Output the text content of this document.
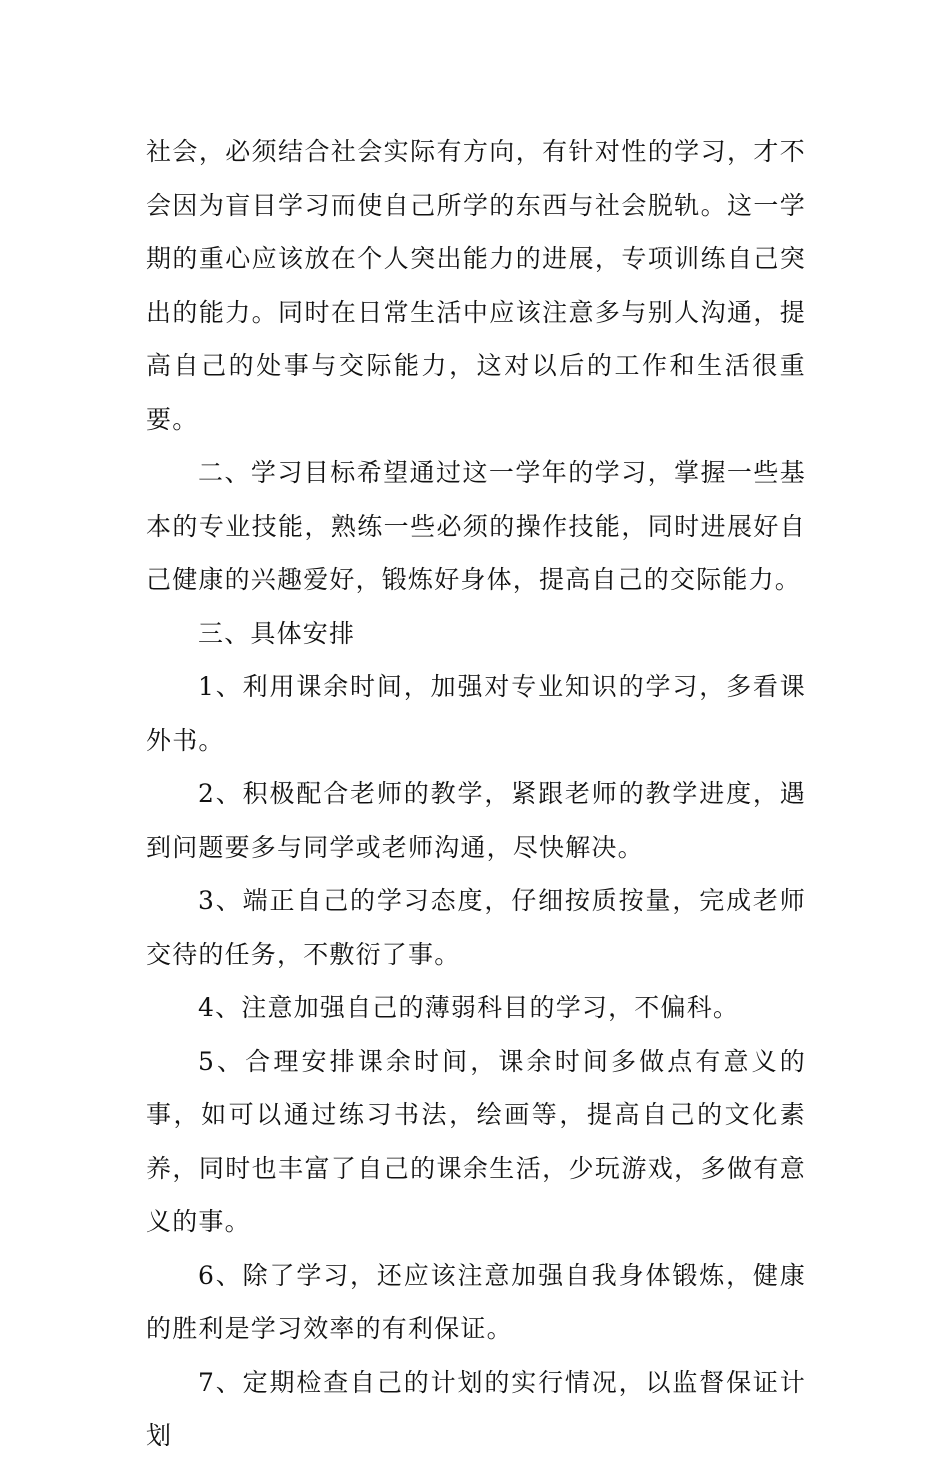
社会，必须结合社会实际有方向，有针对性的学习，才不会因为盲目学习而使自己所学的东西与社会脱轨。这一学期的重心应该放在个人突出能力的进展，专项训练自己突出的能力。同时在日常生活中应该注意多与别人沟通，提高自己的处事与交际能力，这对以后的工作和生活很重要。

二、学习目标希望通过这一学年的学习，掌握一些基本的专业技能，熟练一些必须的操作技能，同时进展好自己健康的兴趣爱好，锻炼好身体，提高自己的交际能力。

三、具体安排

1、利用课余时间，加强对专业知识的学习，多看课外书。

2、积极配合老师的教学，紧跟老师的教学进度，遇到问题要多与同学或老师沟通，尽快解决。

3、端正自己的学习态度，仔细按质按量，完成老师交待的任务，不敷衍了事。

4、注意加强自己的薄弱科目的学习，不偏科。

5、合理安排课余时间，课余时间多做点有意义的事，如可以通过练习书法，绘画等，提高自己的文化素养，同时也丰富了自己的课余生活，少玩游戏，多做有意义的事。

6、除了学习，还应该注意加强自我身体锻炼，健康的胜利是学习效率的有利保证。

7、定期检查自己的计划的实行情况，以监督保证计划
